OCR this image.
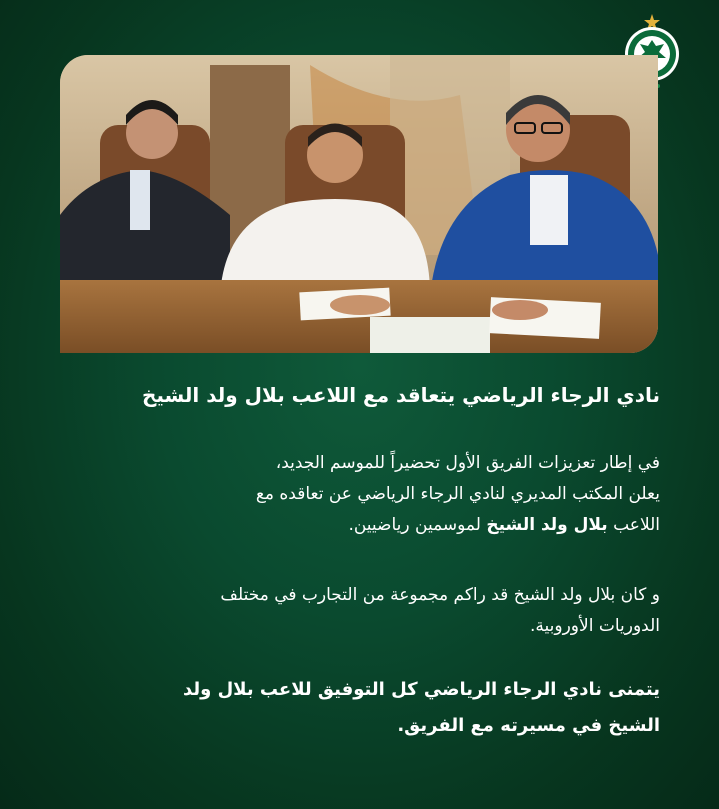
نادي الرجاء الرياضي يتعاقد مع اللاعب بلال ولد الشيخ

في إطار تعزيزات الفريق الأول تحضيراً للموسم الجديد،
يعلن المكتب المديري لنادي الرجاء الرياضي عن تعاقده مع
اللاعب بلال ولد الشيخ لموسمين رياضيين.
و كان بلال ولد الشيخ قد راكم مجموعة من التجارب في مختلف
الدوريات الأوروبية.
يتمنى نادي الرجاء الرياضي كل التوفيق للاعب بلال ولد
الشيخ في مسيرته مع الفريق.
